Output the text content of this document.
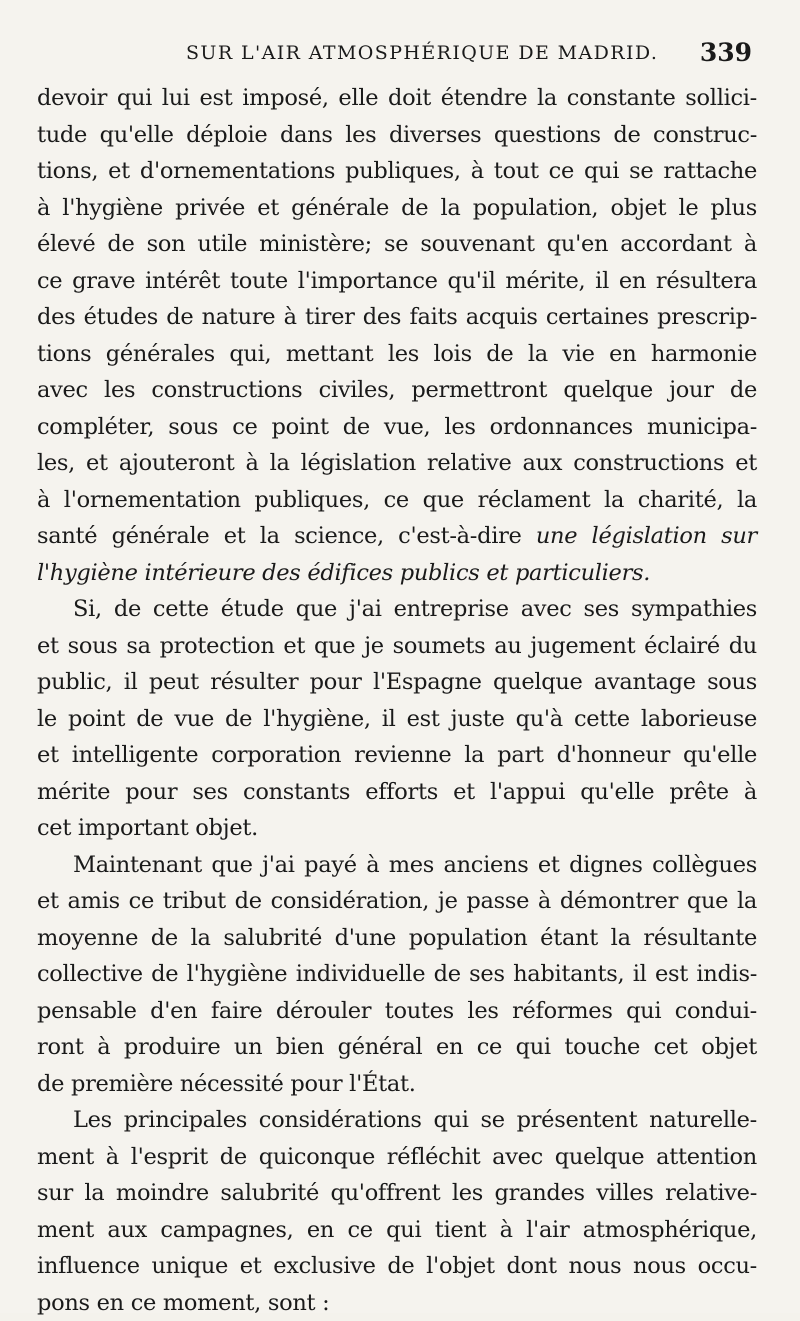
SUR L'AIR ATMOSPHÉRIQUE DE MADRID. 339
devoir qui lui est imposé, elle doit étendre la constante sollici-
tude qu'elle déploie dans les diverses questions de construc-
tions, et d'ornementations publiques, à tout ce qui se rattache
à l'hygiène privée et générale de la population, objet le plus
élevé de son utile ministère; se souvenant qu'en accordant à
ce grave intérêt toute l'importance qu'il mérite, il en résultera
des études de nature à tirer des faits acquis certaines prescrip-
tions générales qui, mettant les lois de la vie en harmonie
avec les constructions civiles, permettront quelque jour de
compléter, sous ce point de vue, les ordonnances municipa-
les, et ajouteront à la législation relative aux constructions et
à l'ornementation publiques, ce que réclament la charité, la
santé générale et la science, c'est-à-dire une législation sur
l'hygiène intérieure des édifices publics et particuliers.
Si, de cette étude que j'ai entreprise avec ses sympathies
et sous sa protection et que je soumets au jugement éclairé du
public, il peut résulter pour l'Espagne quelque avantage sous
le point de vue de l'hygiène, il est juste qu'à cette laborieuse
et intelligente corporation revienne la part d'honneur qu'elle
mérite pour ses constants efforts et l'appui qu'elle prête à
cet important objet.
Maintenant que j'ai payé à mes anciens et dignes collègues
et amis ce tribut de considération, je passe à démontrer que la
moyenne de la salubrité d'une population étant la résultante
collective de l'hygiène individuelle de ses habitants, il est indis-
pensable d'en faire dérouler toutes les réformes qui condui-
ront à produire un bien général en ce qui touche cet objet
de première nécessité pour l'État.
Les principales considérations qui se présentent naturelle-
ment à l'esprit de quiconque réfléchit avec quelque attention
sur la moindre salubrité qu'offrent les grandes villes relative-
ment aux campagnes, en ce qui tient à l'air atmosphérique,
influence unique et exclusive de l'objet dont nous nous occu-
pons en ce moment, sont :
